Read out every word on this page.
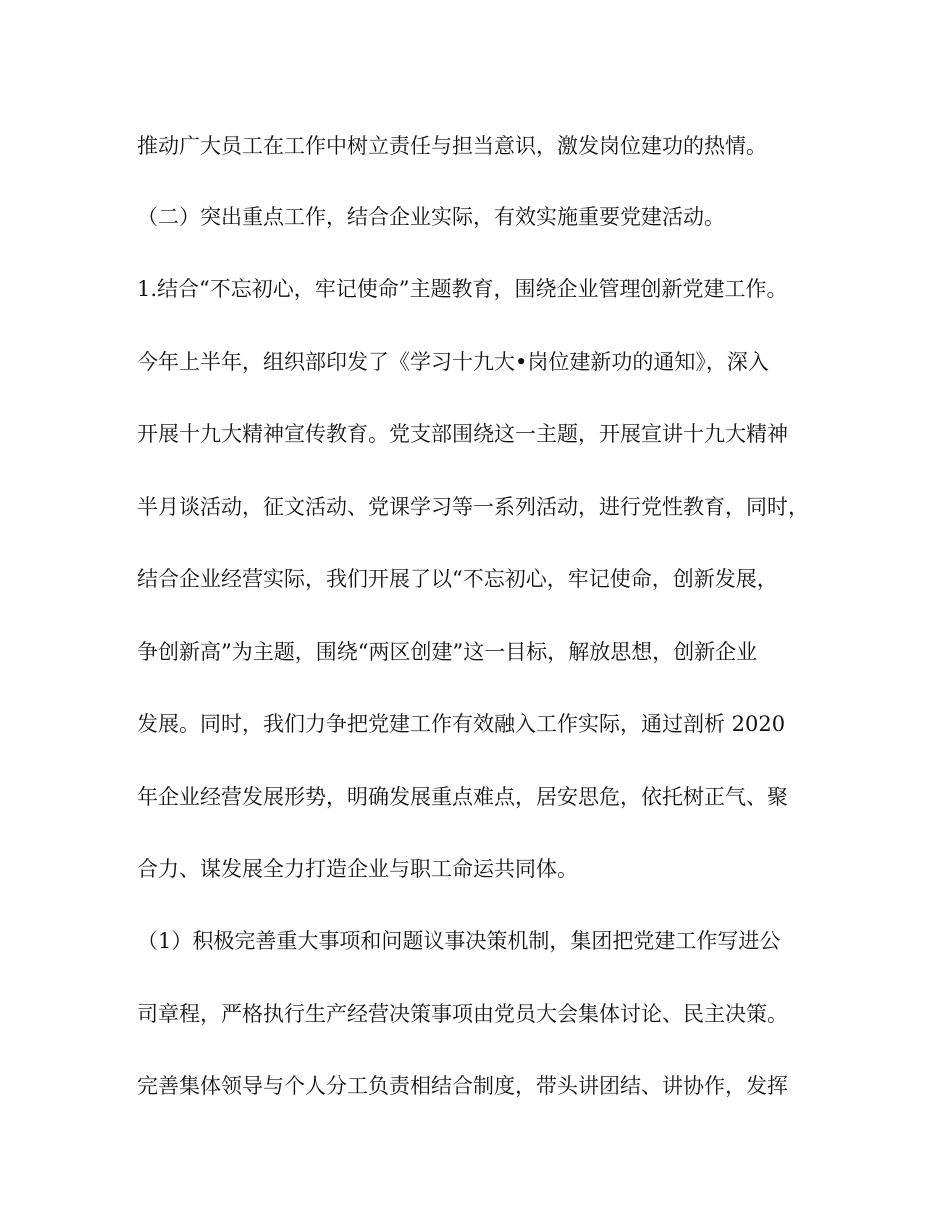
推动广大员工在工作中树立责任与担当意识，激发岗位建功的热情。
（二）突出重点工作，结合企业实际，有效实施重要党建活动。
1.结合“不忘初心，牢记使命”主题教育，围绕企业管理创新党建工作。
今年上半年，组织部印发了《学习十九大•岗位建新功的通知》，深入
开展十九大精神宣传教育。党支部围绕这一主题，开展宣讲十九大精神
半月谈活动，征文活动、党课学习等一系列活动，进行党性教育，同时，
结合企业经营实际，我们开展了以“不忘初心，牢记使命，创新发展，
争创新高”为主题，围绕“两区创建”这一目标，解放思想，创新企业
发展。同时，我们力争把党建工作有效融入工作实际，通过剖析 2020
年企业经营发展形势，明确发展重点难点，居安思危，依托树正气、聚
合力、谋发展全力打造企业与职工命运共同体。
（1）积极完善重大事项和问题议事决策机制，集团把党建工作写进公
司章程，严格执行生产经营决策事项由党员大会集体讨论、民主决策。
完善集体领导与个人分工负责相结合制度，带头讲团结、讲协作，发挥
